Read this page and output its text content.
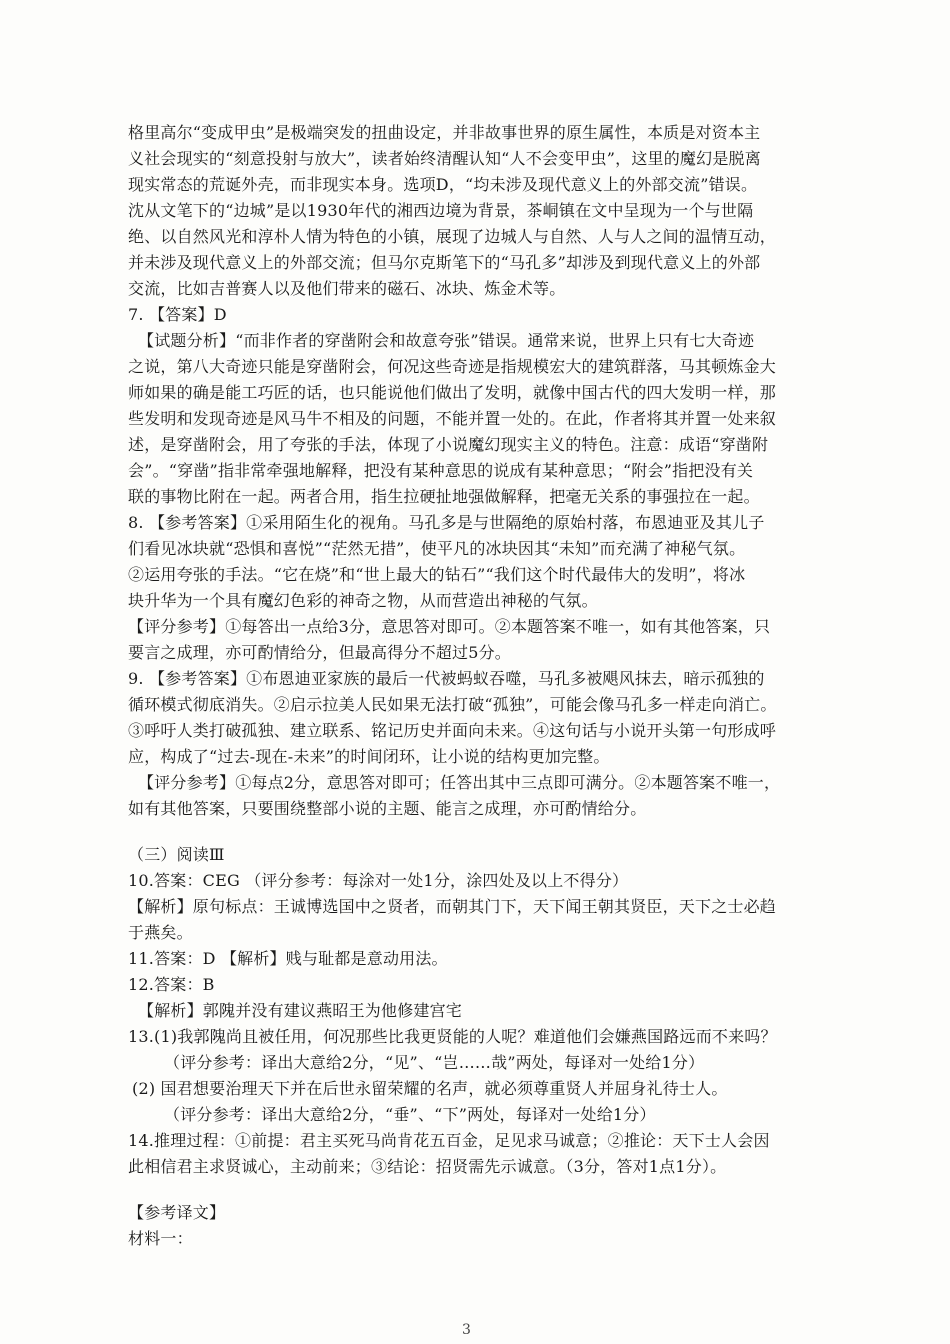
格里高尔“变成甲虫”是极端突发的扭曲设定，并非故事世界的原生属性，本质是对资本主
义社会现实的“刻意投射与放大”，读者始终清醒认知“人不会变甲虫”，这里的魔幻是脱离
现实常态的荒诞外壳，而非现实本身。选项D，“均未涉及现代意义上的外部交流”错误。
沈从文笔下的“边城”是以1930年代的湘西边境为背景，茶峒镇在文中呈现为一个与世隔
绝、以自然风光和淳朴人情为特色的小镇，展现了边城人与自然、人与人之间的温情互动，
并未涉及现代意义上的外部交流；但马尔克斯笔下的“马孔多”却涉及到现代意义上的外部
交流，比如吉普赛人以及他们带来的磁石、冰块、炼金术等。
7. 【答案】D
【试题分析】“而非作者的穿凿附会和故意夸张”错误。通常来说，世界上只有七大奇迹
之说，第八大奇迹只能是穿凿附会，何况这些奇迹是指规模宏大的建筑群落，马其顿炼金大
师如果的确是能工巧匠的话，也只能说他们做出了发明，就像中国古代的四大发明一样，那
些发明和发现奇迹是风马牛不相及的问题，不能并置一处的。在此，作者将其并置一处来叙
述，是穿凿附会，用了夸张的手法，体现了小说魔幻现实主义的特色。注意：成语“穿凿附
会”。“穿凿”指非常牵强地解释，把没有某种意思的说成有某种意思；“附会”指把没有关
联的事物比附在一起。两者合用，指生拉硬扯地强做解释，把毫无关系的事强拉在一起。
8. 【参考答案】①采用陌生化的视角。马孔多是与世隔绝的原始村落，布恩迪亚及其儿子
们看见冰块就“恐惧和喜悦”“茫然无措”，使平凡的冰块因其“未知”而充满了神秘气氛。
②运用夸张的手法。“它在烧”和“世上最大的钻石”“我们这个时代最伟大的发明”，将冰
块升华为一个具有魔幻色彩的神奇之物，从而营造出神秘的气氛。
【评分参考】①每答出一点给3分，意思答对即可。②本题答案不唯一，如有其他答案，只
要言之成理，亦可酌情给分，但最高得分不超过5分。
9. 【参考答案】①布恩迪亚家族的最后一代被蚂蚁吞噬，马孔多被飓风抹去，暗示孤独的
循环模式彻底消失。②启示拉美人民如果无法打破“孤独”，可能会像马孔多一样走向消亡。
③呼吁人类打破孤独、建立联系、铭记历史并面向未来。④这句话与小说开头第一句形成呼
应，构成了“过去-现在-未来”的时间闭环，让小说的结构更加完整。
【评分参考】①每点2分，意思答对即可；任答出其中三点即可满分。②本题答案不唯一，
如有其他答案，只要围绕整部小说的主题、能言之成理，亦可酌情给分。
（三）阅读Ⅲ
10.答案：CEG （评分参考：每涂对一处1分，涂四处及以上不得分）
【解析】原句标点：王诚博选国中之贤者，而朝其门下，天下闻王朝其贤臣，天下之士必趋
于燕矣。
11.答案：D 【解析】贱与耻都是意动用法。
12.答案：B
【解析】郭隗并没有建议燕昭王为他修建宫宅
13.(1)我郭隗尚且被任用，何况那些比我更贤能的人呢？难道他们会嫌燕国路远而不来吗？
（评分参考：译出大意给2分，“见”、“岂……哉”两处，每译对一处给1分）
(2) 国君想要治理天下并在后世永留荣耀的名声，就必须尊重贤人并屈身礼待士人。
（评分参考：译出大意给2分，“垂”、“下”两处，每译对一处给1分）
14.推理过程：①前提：君主买死马尚肯花五百金，足见求马诚意；②推论：天下士人会因
此相信君主求贤诚心，主动前来；③结论：招贤需先示诚意。（3分，答对1点1分）。
【参考译文】
材料一：
3
